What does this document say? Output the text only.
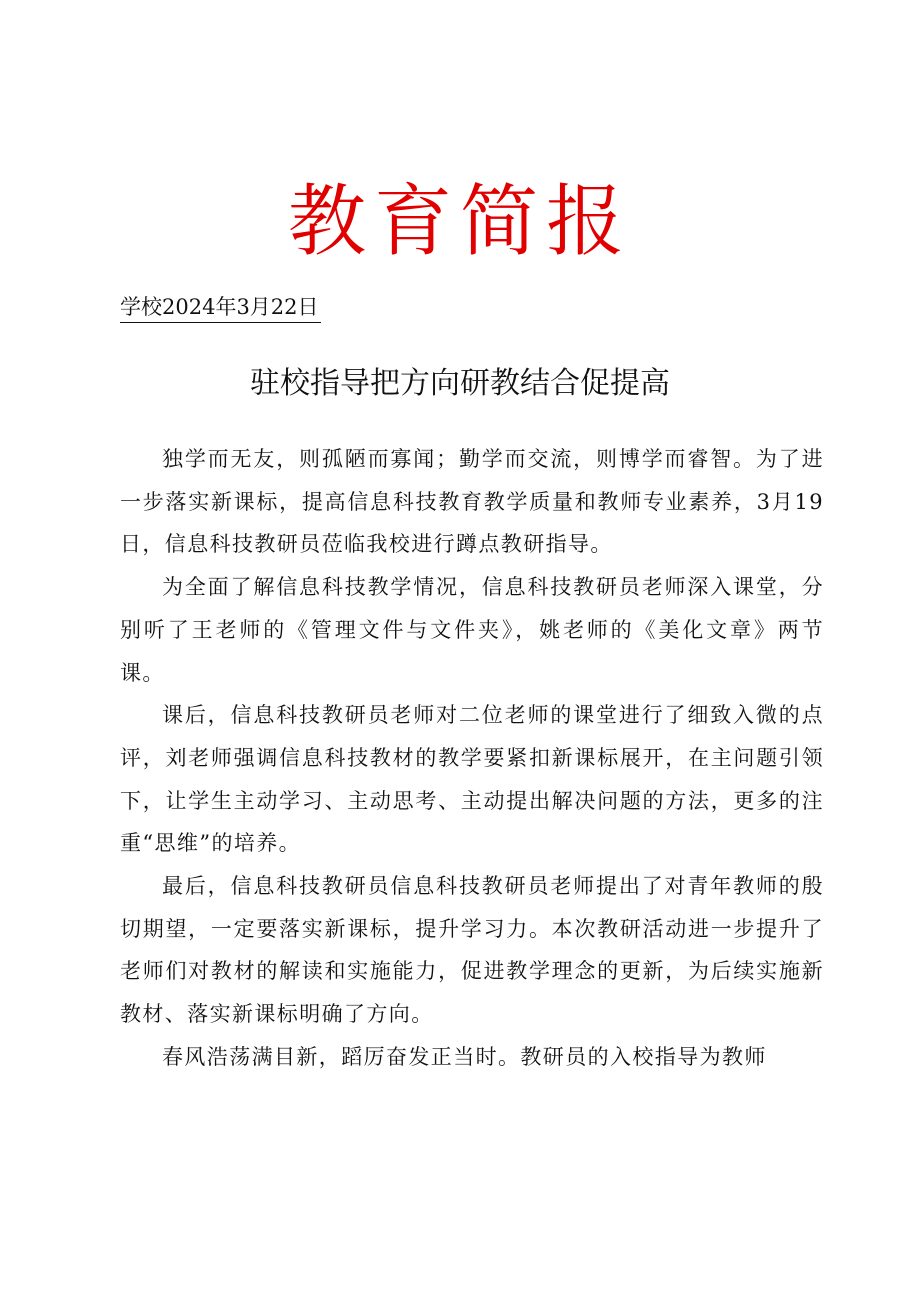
教育简报

学校2024年3月22日

驻校指导把方向研教结合促提高

独学而无友，则孤陋而寡闻；勤学而交流，则博学而睿智。为了进一步落实新课标，提高信息科技教育教学质量和教师专业素养，3月19日，信息科技教研员莅临我校进行蹲点教研指导。

为全面了解信息科技教学情况，信息科技教研员老师深入课堂，分别听了王老师的《管理文件与文件夹》，姚老师的《美化文章》两节课。

课后，信息科技教研员老师对二位老师的课堂进行了细致入微的点评，刘老师强调信息科技教材的教学要紧扣新课标展开，在主问题引领下，让学生主动学习、主动思考、主动提出解决问题的方法，更多的注重“思维”的培养。

最后，信息科技教研员信息科技教研员老师提出了对青年教师的殷切期望，一定要落实新课标，提升学习力。本次教研活动进一步提升了老师们对教材的解读和实施能力，促进教学理念的更新，为后续实施新教材、落实新课标明确了方向。

春风浩荡满目新，蹈厉奋发正当时。教研员的入校指导为教师
